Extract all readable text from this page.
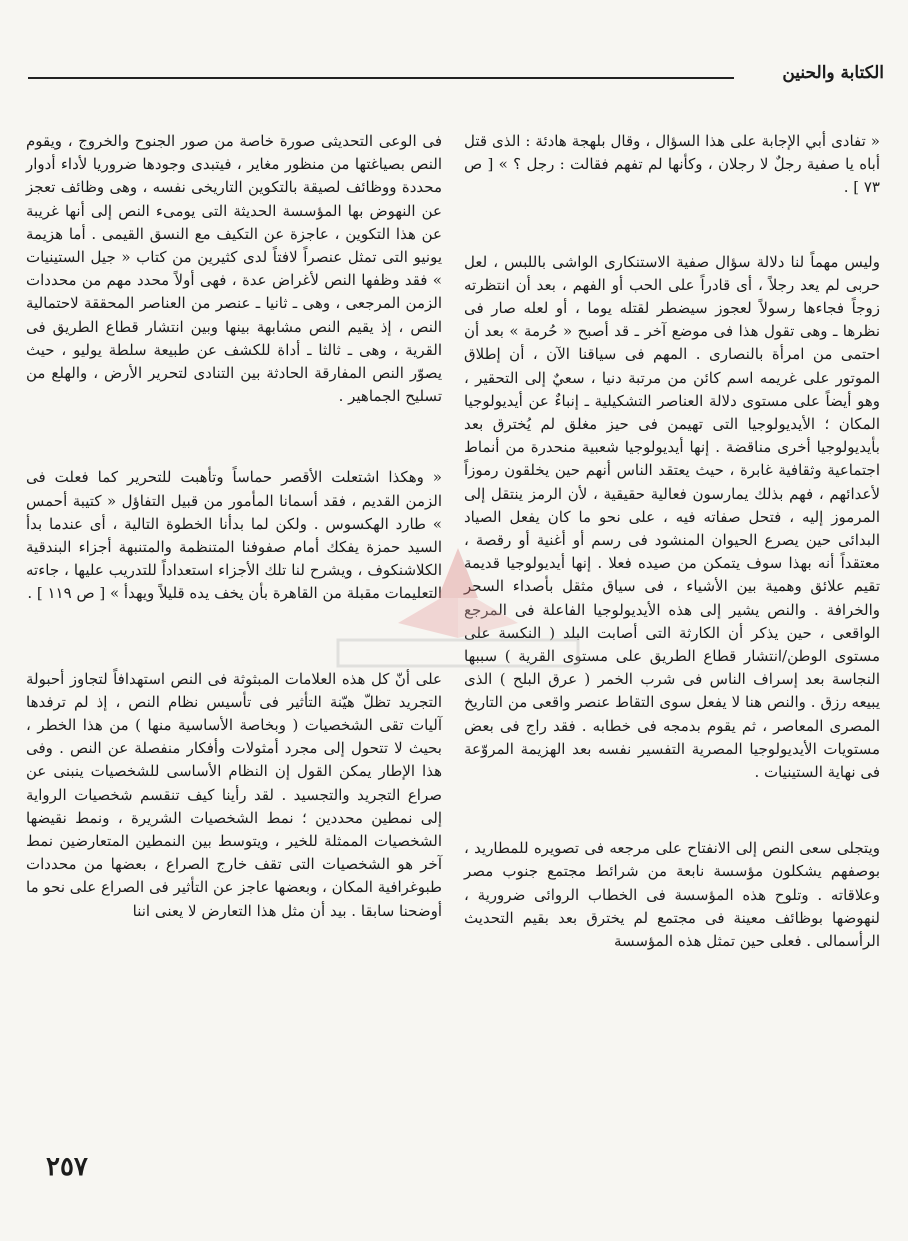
الكتابة والحنين

« تفادى أبي الإجابة على هذا السؤال ، وقال بلهجة هادئة : الذى قتل أباه يا صفية رجلٌ لا رجلان ، وكأنها لم تفهم فقالت : رجل ؟ » [ ص ٧٣ ] .

وليس مهماً لنا دلالة سؤال صفية الاستنكارى الواشى باللبس ، لعل حربى لم يعد رجلاً ، أى قادراً على الحب أو الفهم ، بعد أن انتظرته زوجاً فجاءها رسولاً لعجوز سيضطر لقتله يوما ، أو لعله صار فى نظرها ـ وهى تقول هذا فى موضع آخر ـ قد أصبح « حُرمة » بعد أن احتمى من امرأة بالنصارى . المهم فى سياقنا الآن ، أن إطلاق الموتور على غريمه اسم كائن من مرتبة دنيا ، سعيٌ إلى التحقير ، وهو أيضاً على مستوى دلالة العناصر التشكيلية ـ إنباءٌ عن أيديولوجيا المكان ؛ الأيديولوجيا التى تهيمن فى حيز مغلق لم يُخترق بعد بأيديولوجيا أخرى مناقضة . إنها أيديولوجيا شعبية منحدرة من أنماط اجتماعية وثقافية غابرة ، حيث يعتقد الناس أنهم حين يخلقون رموزاً لأعدائهم ، فهم بذلك يمارسون فعالية حقيقية ، لأن الرمز ينتقل إلى المرموز إليه ، فتحل صفاته فيه ، على نحو ما كان يفعل الصياد البدائى حين يصرع الحيوان المنشود فى رسم أو أغنية أو رقصة ، معتقداً أنه بهذا سوف يتمكن من صيده فعلا . إنها أيديولوجيا قديمة تقيم علائق وهمية بين الأشياء ، فى سياق مثقل بأصداء السحر والخرافة . والنص يشير إلى هذه الأيديولوجيا الفاعلة فى المرجع الواقعى ، حين يذكر أن الكارثة التى أصابت البلد ( النكسة على مستوى الوطن/انتشار قطاع الطريق على مستوى القرية ) سببها النجاسة بعد إسراف الناس فى شرب الخمر ( عرق البلح ) الذى يبيعه رزق . والنص هنا لا يفعل سوى التقاط عنصر واقعى من التاريخ المصرى المعاصر ، ثم يقوم بدمجه فى خطابه . فقد راج فى بعض مستويات الأيديولوجيا المصرية التفسير نفسه بعد الهزيمة المروّعة فى نهاية الستينيات .

ويتجلى سعى النص إلى الانفتاح على مرجعه فى تصويره للمطاريد ، بوصفهم يشكلون مؤسسة نابعة من شرائط مجتمع جنوب مصر وعلاقاته . وتلوح هذه المؤسسة فى الخطاب الروائى ضرورية ، لنهوضها بوظائف معينة فى مجتمع لم يخترق بعد بقيم التحديث الرأسمالى . فعلى حين تمثل هذه المؤسسة

فى الوعى التحديثى صورة خاصة من صور الجنوح والخروج ، ويقوم النص بصياغتها من منظور مغاير ، فيتبدى وجودها ضروريا لأداء أدوار محددة ووظائف لصيقة بالتكوين التاريخى نفسه ، وهى وظائف تعجز عن النهوض بها المؤسسة الحديثة التى يومىء النص إلى أنها غريبة عن هذا التكوين ، عاجزة عن التكيف مع النسق القيمى . أما هزيمة يونيو التى تمثل عنصراً لافتاً لدى كثيرين من كتاب « جيل الستينيات » فقد وظفها النص لأغراض عدة ، فهى أولاً محدد مهم من محددات الزمن المرجعى ، وهى ـ ثانيا ـ عنصر من العناصر المحققة لاحتمالية النص ، إذ يقيم النص مشابهة بينها وبين انتشار قطاع الطريق فى القرية ، وهى ـ ثالثا ـ أداة للكشف عن طبيعة سلطة يوليو ، حيث يصوّر النص المفارقة الحادثة بين التنادى لتحرير الأرض ، والهلع من تسليح الجماهير .

« وهكذا اشتعلت الأقصر حماساً وتأهبت للتحرير كما فعلت فى الزمن القديم ، فقد أسمانا المأمور من قبيل التفاؤل « كتيبة أحمس » طارد الهكسوس . ولكن لما بدأنا الخطوة التالية ، أى عندما بدأ السيد حمزة يفكك أمام صفوفنا المتنظمة والمتنبهة أجزاء البندقية الكلاشنكوف ، ويشرح لنا تلك الأجزاء استعداداً للتدريب عليها ، جاءته التعليمات مقبلة من القاهرة بأن يخف يده قليلاً ويهدأ » [ ص ١١٩ ] .

على أنّ كل هذه العلامات المبثوثة فى النص استهدافاً لتجاوز أحبولة التجريد تظلّ هيّنة التأثير فى تأسيس نظام النص ، إذ لم ترفدها آليات تقى الشخصيات ( وبخاصة الأساسية منها ) من هذا الخطر ، بحيث لا تتحول إلى مجرد أمثولات وأفكار منفصلة عن النص . وفى هذا الإطار يمكن القول إن النظام الأساسى للشخصيات ينبنى عن صراع التجريد والتجسيد . لقد رأينا كيف تنقسم شخصيات الرواية إلى نمطين محددين ؛ نمط الشخصيات الشريرة ، ونمط نقيضها الشخصيات الممثلة للخير ، ويتوسط بين النمطين المتعارضين نمط آخر هو الشخصيات التى تقف خارج الصراع ، بعضها من محددات طبوغرافية المكان ، وبعضها عاجز عن التأثير فى الصراع على نحو ما أوضحنا سابقا . بيد أن مثل هذا التعارض لا يعنى اننا

٢٥٧
